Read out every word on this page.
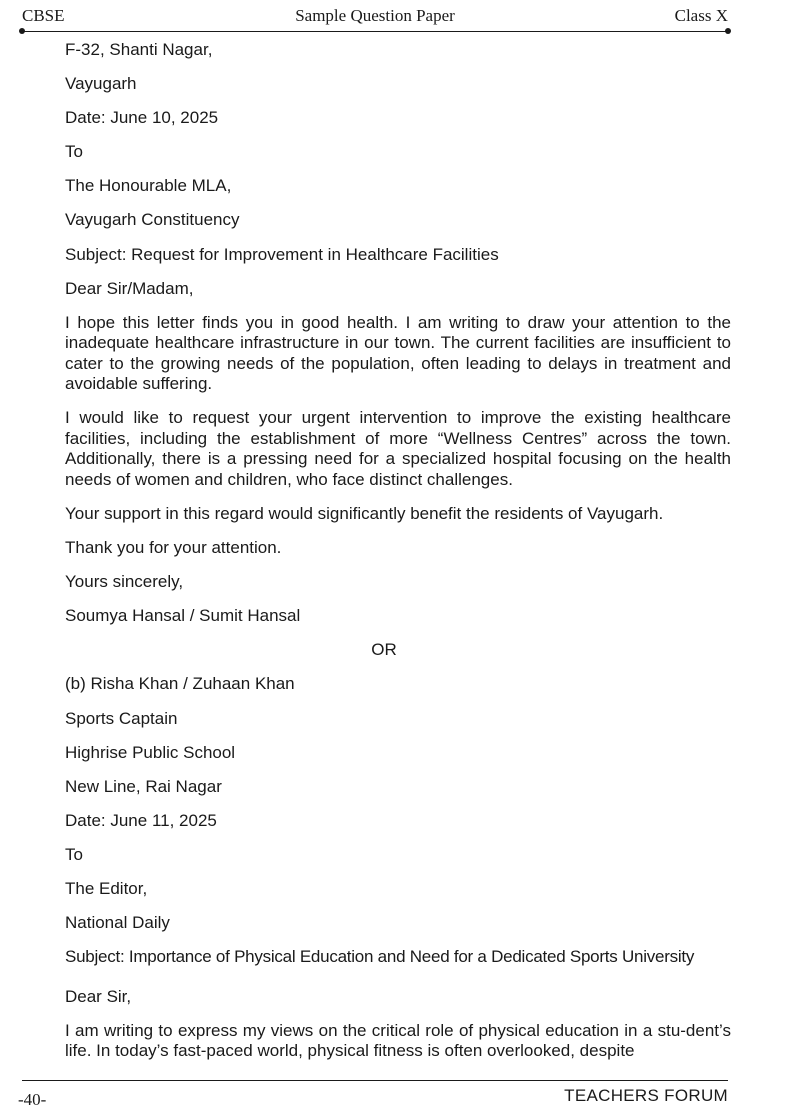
CBSE	Sample Question Paper	Class X

F-32, Shanti Nagar,

Vayugarh

Date: June 10, 2025

To

The Honourable MLA,

Vayugarh Constituency

Subject: Request for Improvement in Healthcare Facilities

Dear Sir/Madam,

I hope this letter finds you in good health. I am writing to draw your attention to the inadequate healthcare infrastructure in our town. The current facilities are insufficient to cater to the growing needs of the population, often leading to delays in treatment and avoidable suffering.

I would like to request your urgent intervention to improve the existing healthcare facilities, including the establishment of more “Wellness Centres” across the town. Additionally, there is a pressing need for a specialized hospital focusing on the health needs of women and children, who face distinct challenges.

Your support in this regard would significantly benefit the residents of Vayugarh.

Thank you for your attention.

Yours sincerely,

Soumya Hansal / Sumit Hansal

OR

(b) Risha Khan / Zuhaan Khan

Sports Captain

Highrise Public School

New Line, Rai Nagar

Date: June 11, 2025

To

The Editor,

National Daily

Subject: Importance of Physical Education and Need for a Dedicated Sports University

Dear Sir,

I am writing to express my views on the critical role of physical education in a stu-dent’s life. In today’s fast-paced world, physical fitness is often overlooked, despite

-40-	TEACHERS FORUM
